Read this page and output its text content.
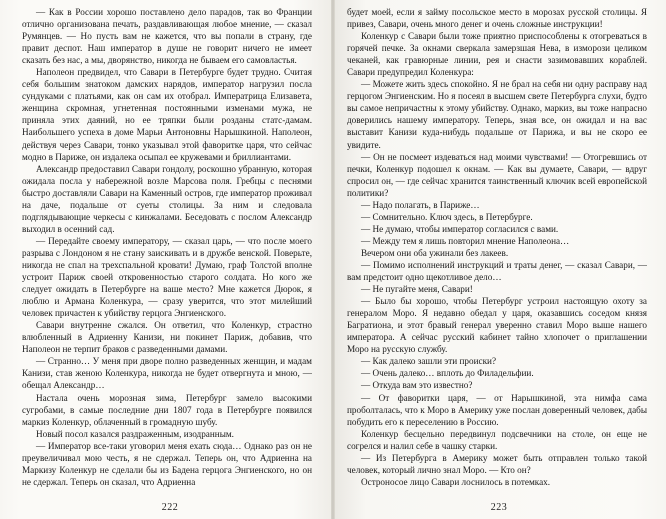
— Как в России хорошо поставлено дело парадов, так во Франции отлично организована печать, раздавливающая любое мнение, — сказал Румянцев. — Но пусть вам не кажется, что вы попали в страну, где правит деспот. Наш император в душе не говорит ничего не имеет сказать без нас, а мы, дворянство, никогда не бываем его самовластья.

Наполеон предвидел, что Савари в Петербурге будет трудно. Считая себя большим знатоком дамских нарядов, император нагрузил посла сундуками с платьями, как он сам их отобрал. Императрица Елизавета, женщина скромная, угнетенная постоянными изменами мужа, не приняла этих даяний, но ее тряпки были розданы статс-дамам. Наибольшего успеха в доме Марьи Антоновны Нарышкиной. Наполеон, действуя через Савари, тонко указывал этой фаворитке царя, что сейчас модно в Париже, он издалека осыпал ее кружевами и бриллиантами.

Александр предоставил Савари гондолу, роскошно убранную, которая ожидала посла у набережной возле Марсова поля. Гребцы с песнями быстро доставляли Савари на Каменный остров, где император проживал на даче, подальше от суеты столицы. За ним и следовала подглядывающие черкесы с кинжалами. Беседовать с послом Александр выходил в осенний сад.

— Передайте своему императору, — сказал царь, — что после моего разрыва с Лондоном я не стану заискивать и в дружбе венской. Поверьте, никогда не спал на трехспальной кровати! Думаю, граф Толстой вполне устроит Париж своей откровенностью старого солдата. Но кого же следует ожидать в Петербурге на ваше место? Мне кажется Дюрок, я люблю и Армана Коленкура, — сразу уверится, что этот милейший человек причастен к убийству герцога Энгиенского.

Савари внутренне сжался. Он ответил, что Коленкур, страстно влюбленный в Адриенну Канизи, ни покинет Париж, добавив, что Наполеон не терпит браков с разведенными дамами.

— Странно… У меня при дворе полно разведенных женщин, и мадам Канизи, став женою Коленкура, никогда не будет отвергнута и мною, — обещал Александр…

Настала очень морозная зима, Петербург замело высокими сугробами, в самые последние дни 1807 года в Петербурге появился маркиз Коленкур, облаченный в громадную шубу.

Новый посол казался раздраженным, изодранным.

— Император все-таки уговорил меня ехать сюда… Однако раз он не преувеличивал мою честь, я не сдержал. Теперь он, что Адриенна на Маркизу Коленкур не сделали бы из Бадена герцога Энгиенского, но он не сдержал. Теперь он сказал, что Адриенна

222

будет моей, если я займу посольское место в морозах русской столицы. Я привез, Савари, очень много денег и очень сложные инструкции!

Коленкур с Савари были тоже приятно приспособлены к отогреваться в горячей печке. За окнами сверкала замерзшая Нева, в изморози целиком чеканей, как гравюрные линии, рея и снасти зазимовавших кораблей. Савари предупредил Коленкура:

— Можете жить здесь спокойно. Я не брал на себя ни одну расправу над герцогом Энгиенским. Но я посеял в высшем свете Петербурга слухи, будто вы самое непричастны к этому убийству. Однако, маркиз, вы тоже напрасно доверились нашему императору. Теперь, зная все, он ожидал и на вас выставит Канизи куда-нибудь подальше от Парижа, и вы не скоро ее увидите.

— Он не посмеет издеваться над моими чувствами! — Отогревшись от печки, Коленкур подошел к окнам. — Как вы думаете, Савари, — вдруг спросил он, — где сейчас хранится таинственный ключик всей европейской политики?

— Надо полагать, в Париже…

— Сомнительно. Ключ здесь, в Петербурге.

— Не думаю, чтобы император согласился с вами.

— Между тем я лишь повторил мнение Наполеона…

Вечером они оба ужинали без лакеев.

— Помимо исполнений инструкций и траты денег, — сказал Савари, — вам предстоит одно щекотливое дело…

— Не пугайте меня, Савари!

— Было бы хорошо, чтобы Петербург устроил настоящую охоту за генералом Моро. Я недавно обедал у царя, оказавшись соседом князя Багратиона, и этот бравый генерал уверенно ставил Моро выше нашего императора. А сейчас русский кабинет тайно хлопочет о приглашении Моро на русскую службу.

— Как далеко зашли эти происки?

— Очень далеко… вплоть до Филадельфии.

— Откуда вам это известно?

— От фаворитки царя, — от Нарышкиной, эта нимфа сама проболталась, что к Моро в Америку уже послан доверенный человек, дабы побудить его к переселению в Россию.

Коленкур бесцельно передвинул подсвечники на столе, он еще не согрелся и налил себе в чашку старки.

— Из Петербурга в Америку может быть отправлен только такой человек, который лично знал Моро. — Кто он?

Остроносое лицо Савари лоснилось в потемках.

223
